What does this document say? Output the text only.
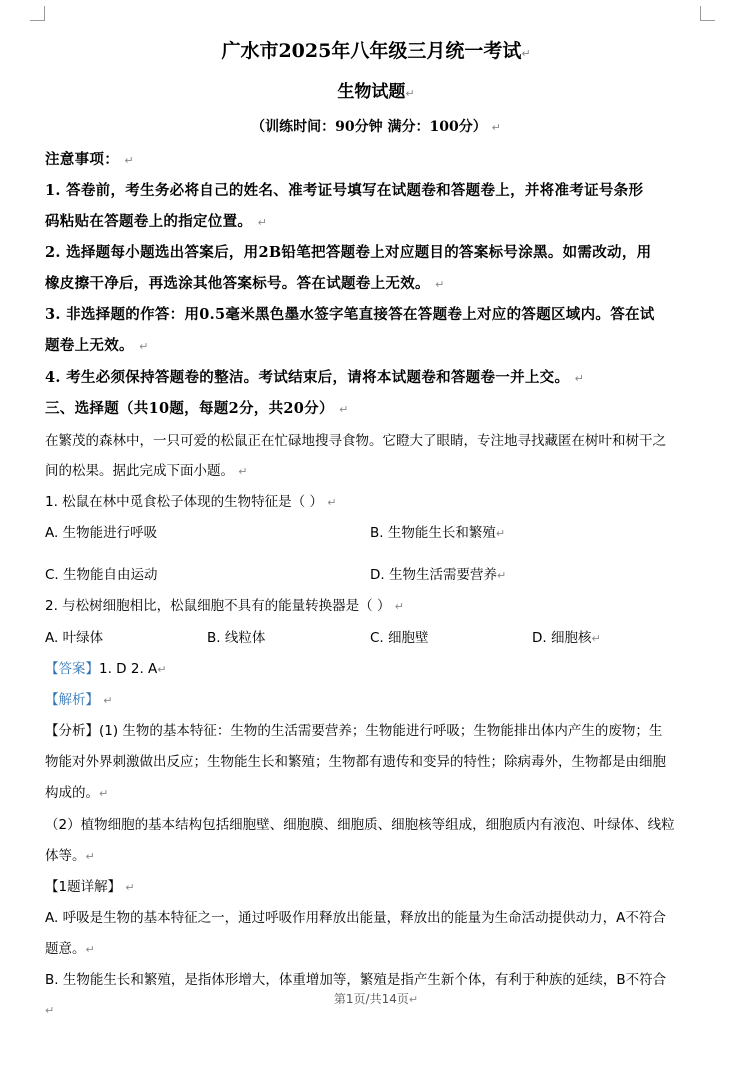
广水市2025年八年级三月统一考试↵
生物试题↵
（训练时间：90分钟 满分：100分） ↵
注意事项： ↵
1. 答卷前，考生务必将自己的姓名、准考证号填写在试题卷和答题卷上，并将准考证号条形
码粘贴在答题卷上的指定位置。 ↵
2. 选择题每小题选出答案后，用2B铅笔把答题卷上对应题目的答案标号涂黑。如需改动，用
橡皮擦干净后，再选涂其他答案标号。答在试题卷上无效。 ↵
3. 非选择题的作答：用0.5毫米黑色墨水签字笔直接答在答题卷上对应的答题区域内。答在试
题卷上无效。 ↵
4. 考生必须保持答题卷的整洁。考试结束后，请将本试题卷和答题卷一并上交。 ↵
三、选择题（共10题，每题2分，共20分） ↵
在繁茂的森林中，一只可爱的松鼠正在忙碌地搜寻食物。它瞪大了眼睛，专注地寻找藏匿在树叶和树干之
间的松果。据此完成下面小题。 ↵
1. 松鼠在林中觅食松子体现的生物特征是（ ） ↵
A. 生物能进行呼吸	B. 生物能生长和繁殖↵
C. 生物能自由运动	D. 生物生活需要营养↵
2. 与松树细胞相比，松鼠细胞不具有的能量转换器是（ ） ↵
A. 叶绿体	B. 线粒体	C. 细胞壁	D. 细胞核↵
【答案】1. D 2. A↵
【解析】 ↵
【分析】(1) 生物的基本特征：生物的生活需要营养；生物能进行呼吸；生物能排出体内产生的废物；生
物能对外界刺激做出反应；生物能生长和繁殖；生物都有遗传和变异的特性；除病毒外，生物都是由细胞
构成的。↵
（2）植物细胞的基本结构包括细胞壁、细胞膜、细胞质、细胞核等组成，细胞质内有液泡、叶绿体、线粒
体等。↵
【1题详解】 ↵
A. 呼吸是生物的基本特征之一，通过呼吸作用释放出能量，释放出的能量为生命活动提供动力，A不符合
题意。↵
B. 生物能生长和繁殖，是指体形增大，体重增加等，繁殖是指产生新个体，有利于种族的延续，B不符合
第1页/共14页↵
↵
